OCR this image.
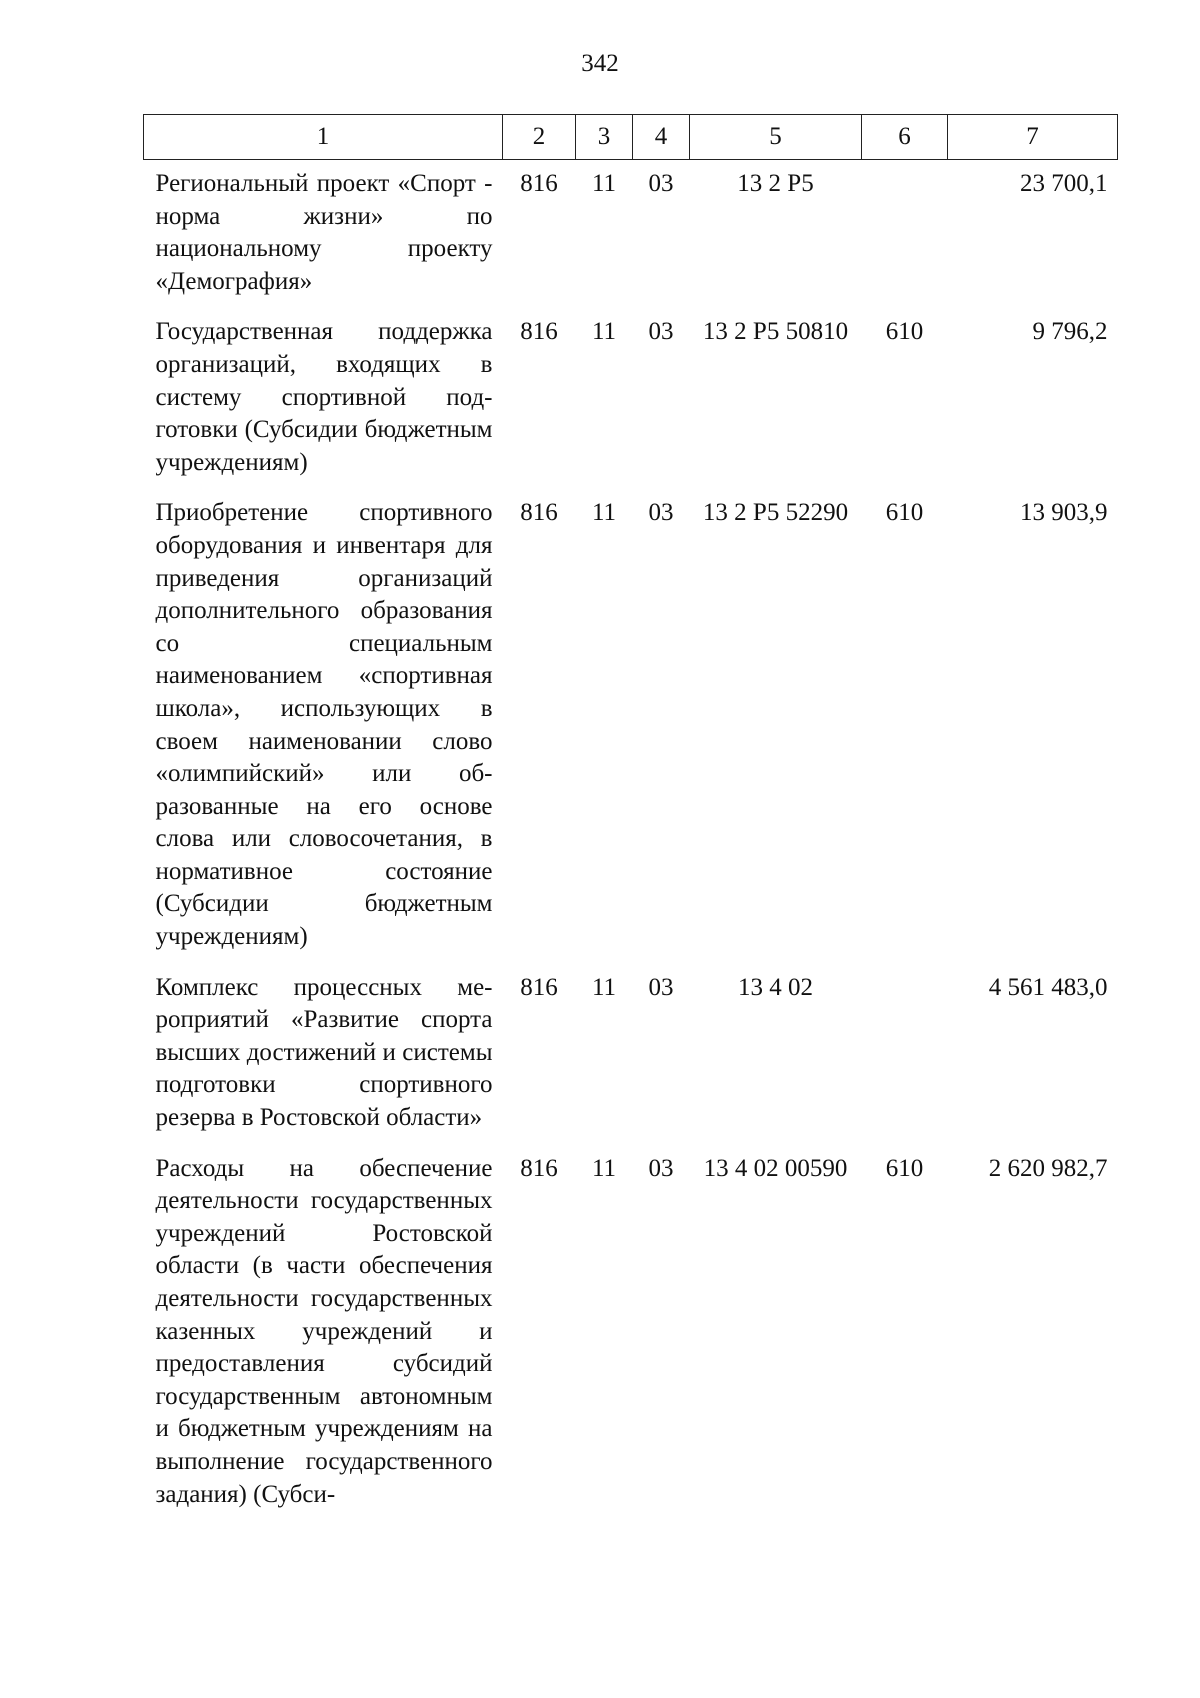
342
1	2	3	4	5	6	7
Региональный проект «Спорт - норма жизни» по национальному проекту «Демография»	816	11	03	13 2 P5		23 700,1
Государственная поддержка организаций, входящих в систему спортивной подготовки (Субсидии бюджетным учреждениям)	816	11	03	13 2 P5 50810	610	9 796,2
Приобретение спортивного оборудования и инвентаря для приведения организаций дополнительного образования со специальным наименованием «спортивная школа», использующих в своем наименовании слово «олимпийский» или образованные на его основе слова или словосочетания, в нормативное состояние (Субсидии бюджетным учреждениям)	816	11	03	13 2 P5 52290	610	13 903,9
Комплекс процессных мероприятий «Развитие спорта высших достижений и системы подготовки спортивного резерва в Ростовской области»	816	11	03	13 4 02		4 561 483,0
Расходы на обеспечение деятельности государственных учреждений Ростовской области (в части обеспечения деятельности государственных казенных учреждений и предоставления субсидий государственным автономным и бюджетным учреждениям на выполнение государственного задания) (Субси-	816	11	03	13 4 02 00590	610	2 620 982,7
